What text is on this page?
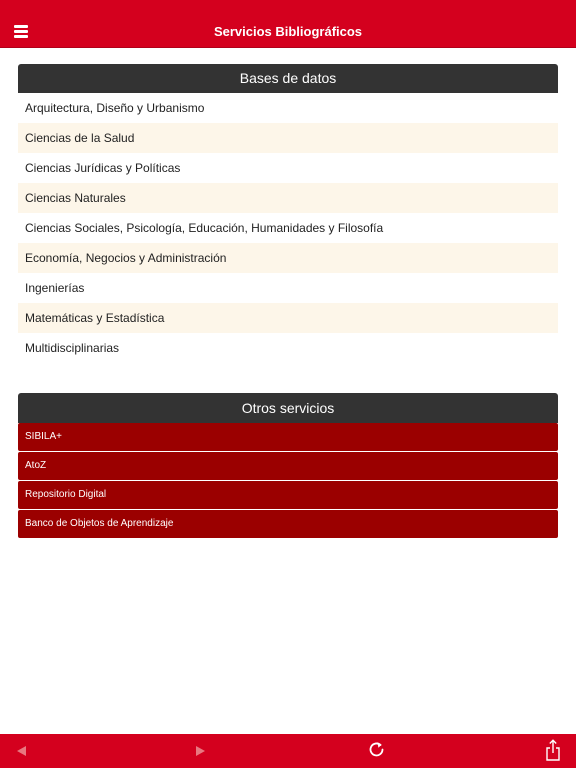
Servicios Bibliográficos
Bases de datos
Arquitectura, Diseño y Urbanismo
Ciencias de la Salud
Ciencias Jurídicas y Políticas
Ciencias Naturales
Ciencias Sociales, Psicología, Educación, Humanidades y Filosofía
Economía, Negocios y Administración
Ingenierías
Matemáticas y Estadística
Multidisciplinarias
Otros servicios
SIBILA+
AtoZ
Repositorio Digital
Banco de Objetos de Aprendizaje
